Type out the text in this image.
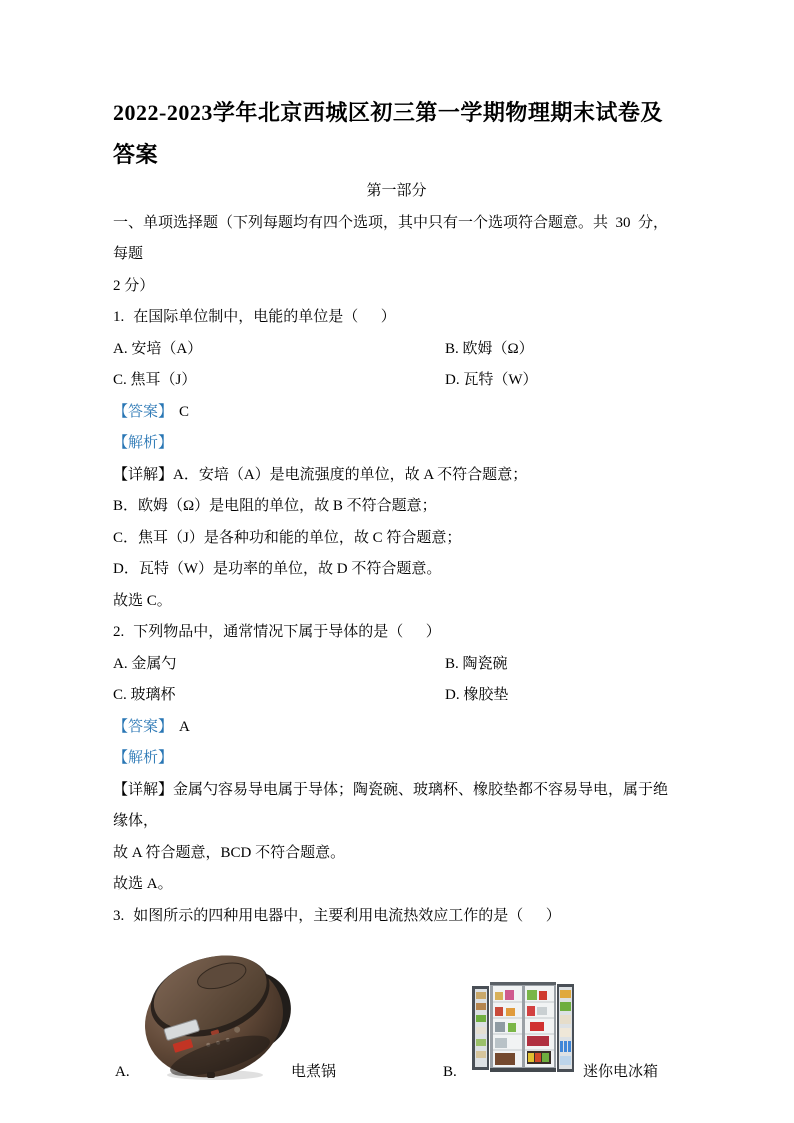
2022-2023学年北京西城区初三第一学期物理期末试卷及答案

第一部分

一、单项选择题（下列每题均有四个选项，其中只有一个选项符合题意。共  30  分，每题

2 分）

1. 在国际单位制中，电能的单位是（      ）

A. 安培（A）	B. 欧姆（Ω）
C. 焦耳（J）	D. 瓦特（W）

【答案】 C

【解析】

【详解】A．安培（A）是电流强度的单位，故 A 不符合题意；

B．欧姆（Ω）是电阻的单位，故 B 不符合题意；

C．焦耳（J）是各种功和能的单位，故 C 符合题意；

D．瓦特（W）是功率的单位，故 D 不符合题意。

故选 C。

2. 下列物品中，通常情况下属于导体的是（      ）

A. 金属勺	B. 陶瓷碗
C. 玻璃杯	D. 橡胶垫

【答案】 A

【解析】

【详解】金属勺容易导电属于导体；陶瓷碗、玻璃杯、橡胶垫都不容易导电，属于绝缘体，

故 A 符合题意，BCD 不符合题意。

故选 A。

3. 如图所示的四种用电器中，主要利用电流热效应工作的是（      ）

A.	电煮锅	B.	迷你电冰箱
